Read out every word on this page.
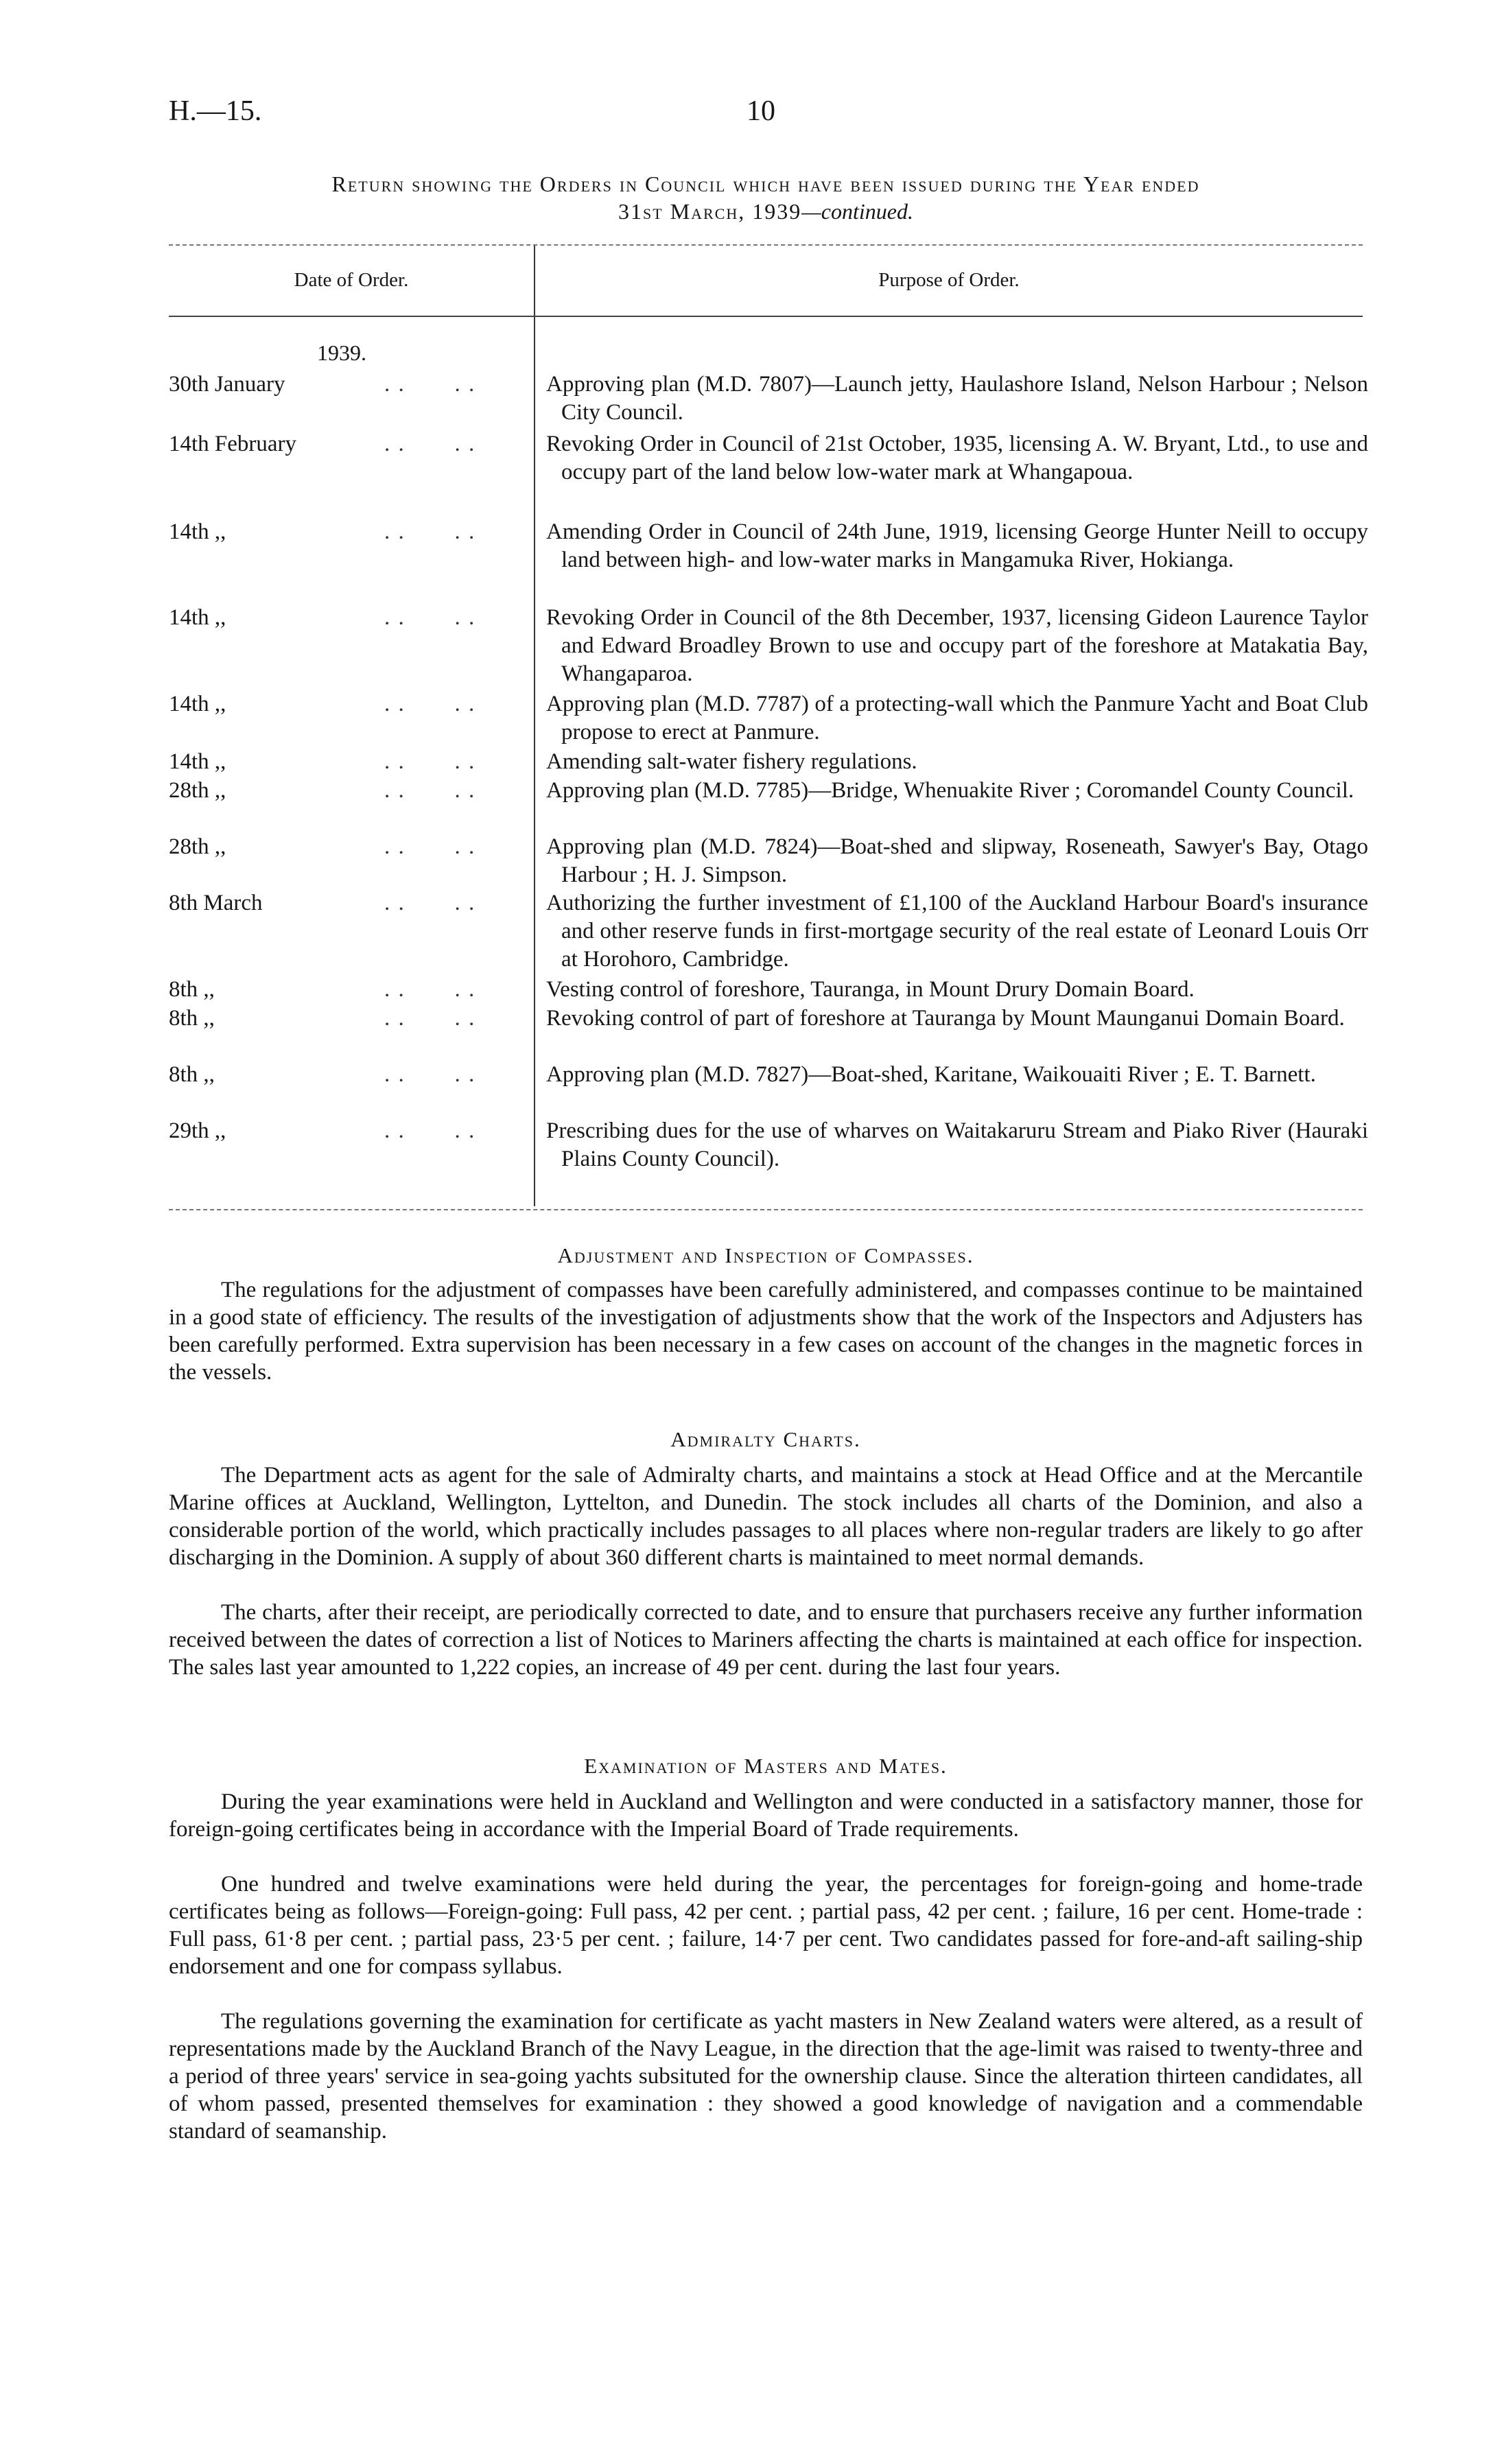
H.—15.	10
Return showing the Orders in Council which have been issued during the Year ended
31st March, 1939—continued.
Date of Order.	Purpose of Order.
1939.
30th January	. .       . .	Approving plan (M.D. 7807)—Launch jetty, Haulashore Island, Nelson Harbour ; Nelson City Council.
14th February	. .       . .	Revoking Order in Council of 21st October, 1935, licensing A. W. Bryant, Ltd., to use and occupy part of the land below low-water mark at Whangapoua.
14th ,,	. .       . .	Amending Order in Council of 24th June, 1919, licensing George Hunter Neill to occupy land between high- and low-water marks in Mangamuka River, Hokianga.
14th ,,	. .       . .	Revoking Order in Council of the 8th December, 1937, licensing Gideon Laurence Taylor and Edward Broadley Brown to use and occupy part of the foreshore at Matakatia Bay, Whangaparoa.
14th ,,	. .       . .	Approving plan (M.D. 7787) of a protecting-wall which the Panmure Yacht and Boat Club propose to erect at Panmure.
14th ,,	. .       . .	Amending salt-water fishery regulations.
28th ,,	. .       . .	Approving plan (M.D. 7785)—Bridge, Whenuakite River ; Coromandel County Council.
28th ,,	. .       . .	Approving plan (M.D. 7824)—Boat-shed and slipway, Roseneath, Sawyer's Bay, Otago Harbour ; H. J. Simpson.
8th March	. .       . .	Authorizing the further investment of £1,100 of the Auckland Harbour Board's insurance and other reserve funds in first-mortgage security of the real estate of Leonard Louis Orr at Horohoro, Cambridge.
8th ,,	. .       . .	Vesting control of foreshore, Tauranga, in Mount Drury Domain Board.
8th ,,	. .       . .	Revoking control of part of foreshore at Tauranga by Mount Maunganui Domain Board.
8th ,,	. .       . .	Approving plan (M.D. 7827)—Boat-shed, Karitane, Waikouaiti River ; E. T. Barnett.
29th ,,	. .       . .	Prescribing dues for the use of wharves on Waitakaruru Stream and Piako River (Hauraki Plains County Council).
Adjustment and Inspection of Compasses.
The regulations for the adjustment of compasses have been carefully administered, and compasses continue to be maintained in a good state of efficiency. The results of the investigation of adjustments show that the work of the Inspectors and Adjusters has been carefully performed. Extra supervision has been necessary in a few cases on account of the changes in the magnetic forces in the vessels.
Admiralty Charts.
The Department acts as agent for the sale of Admiralty charts, and maintains a stock at Head Office and at the Mercantile Marine offices at Auckland, Wellington, Lyttelton, and Dunedin. The stock includes all charts of the Dominion, and also a considerable portion of the world, which practically includes passages to all places where non-regular traders are likely to go after discharging in the Dominion. A supply of about 360 different charts is maintained to meet normal demands.
The charts, after their receipt, are periodically corrected to date, and to ensure that purchasers receive any further information received between the dates of correction a list of Notices to Mariners affecting the charts is maintained at each office for inspection. The sales last year amounted to 1,222 copies, an increase of 49 per cent. during the last four years.
Examination of Masters and Mates.
During the year examinations were held in Auckland and Wellington and were conducted in a satisfactory manner, those for foreign-going certificates being in accordance with the Imperial Board of Trade requirements.
One hundred and twelve examinations were held during the year, the percentages for foreign-going and home-trade certificates being as follows—Foreign-going: Full pass, 42 per cent. ; partial pass, 42 per cent. ; failure, 16 per cent. Home-trade : Full pass, 61·8 per cent. ; partial pass, 23·5 per cent. ; failure, 14·7 per cent. Two candidates passed for fore-and-aft sailing-ship endorsement and one for compass syllabus.
The regulations governing the examination for certificate as yacht masters in New Zealand waters were altered, as a result of representations made by the Auckland Branch of the Navy League, in the direction that the age-limit was raised to twenty-three and a period of three years' service in sea-going yachts subsituted for the ownership clause. Since the alteration thirteen candidates, all of whom passed, presented themselves for examination : they showed a good knowledge of navigation and a commendable standard of seamanship.
